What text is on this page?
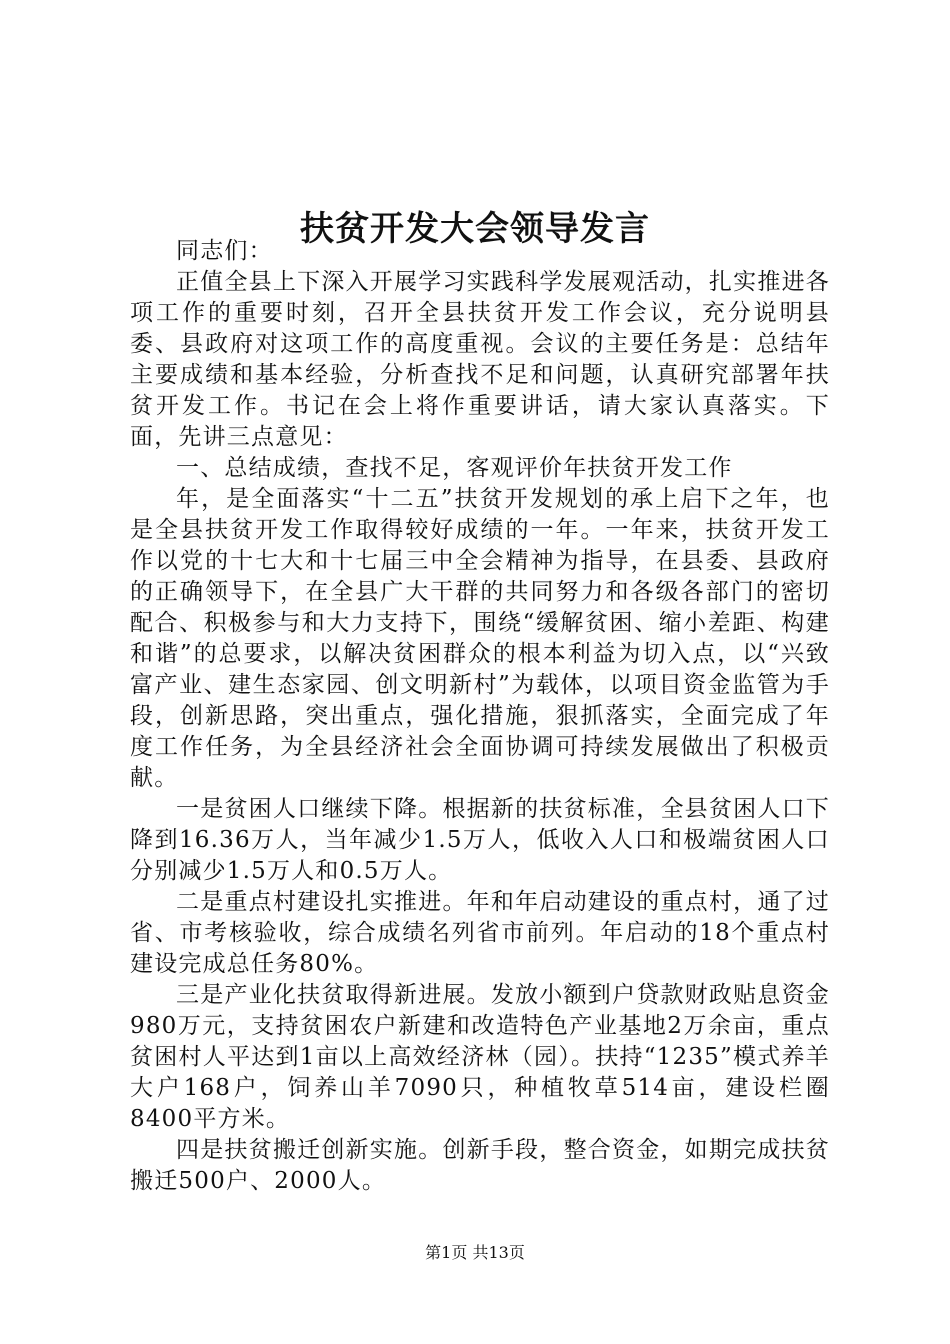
扶贫开发大会领导发言

同志们：

正值全县上下深入开展学习实践科学发展观活动，扎实推进各项工作的重要时刻，召开全县扶贫开发工作会议，充分说明县委、县政府对这项工作的高度重视。会议的主要任务是：总结年主要成绩和基本经验，分析查找不足和问题，认真研究部署年扶贫开发工作。书记在会上将作重要讲话，请大家认真落实。下面，先讲三点意见：

一、总结成绩，查找不足，客观评价年扶贫开发工作

年，是全面落实“十二五”扶贫开发规划的承上启下之年，也是全县扶贫开发工作取得较好成绩的一年。一年来，扶贫开发工作以党的十七大和十七届三中全会精神为指导，在县委、县政府的正确领导下，在全县广大干群的共同努力和各级各部门的密切配合、积极参与和大力支持下，围绕“缓解贫困、缩小差距、构建和谐”的总要求，以解决贫困群众的根本利益为切入点，以“兴致富产业、建生态家园、创文明新村”为载体，以项目资金监管为手段，创新思路，突出重点，强化措施，狠抓落实，全面完成了年度工作任务，为全县经济社会全面协调可持续发展做出了积极贡献。

一是贫困人口继续下降。根据新的扶贫标准，全县贫困人口下降到16.36万人，当年减少1.5万人，低收入人口和极端贫困人口分别减少1.5万人和0.5万人。

二是重点村建设扎实推进。年和年启动建设的重点村，通了过省、市考核验收，综合成绩名列省市前列。年启动的18个重点村建设完成总任务80%。

三是产业化扶贫取得新进展。发放小额到户贷款财政贴息资金980万元，支持贫困农户新建和改造特色产业基地2万余亩，重点贫困村人平达到1亩以上高效经济林（园）。扶持“1235”模式养羊大户168户，饲养山羊7090只，种植牧草514亩，建设栏圈8400平方米。

四是扶贫搬迁创新实施。创新手段，整合资金，如期完成扶贫搬迁500户、2000人。

第1页 共13页
